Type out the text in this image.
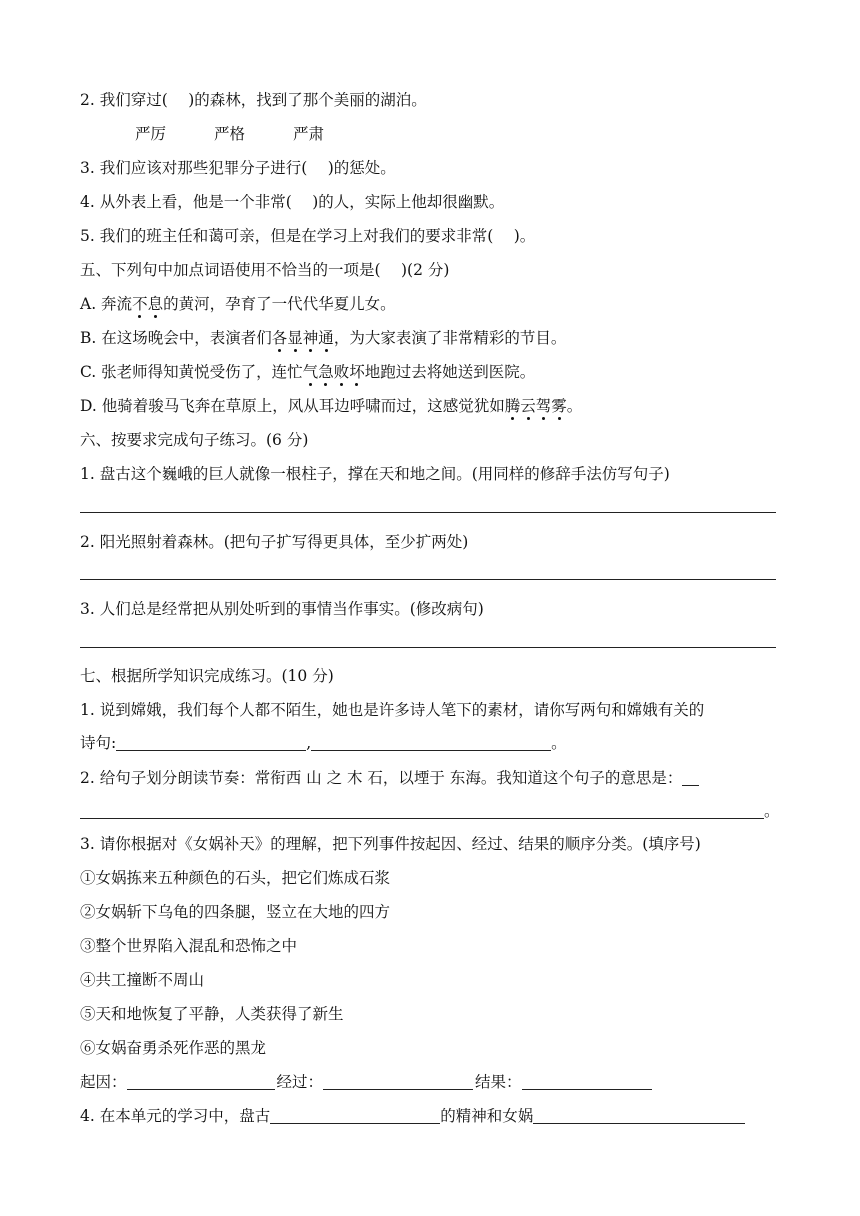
2. 我们穿过(　 )的森林，找到了那个美丽的湖泊。
严厉	严格	严肃
3. 我们应该对那些犯罪分子进行(　 )的惩处。
4. 从外表上看，他是一个非常(　 )的人，实际上他却很幽默。
5. 我们的班主任和蔼可亲，但是在学习上对我们的要求非常(　 )。
五、下列句中加点词语使用不恰当的一项是(　 )(2 分)
A. 奔流不息的黄河，孕育了一代代华夏儿女。
B. 在这场晚会中，表演者们各显神通，为大家表演了非常精彩的节目。
C. 张老师得知黄悦受伤了，连忙气急败坏地跑过去将她送到医院。
D. 他骑着骏马飞奔在草原上，风从耳边呼啸而过，这感觉犹如腾云驾雾。
六、按要求完成句子练习。(6 分)
1. 盘古这个巍峨的巨人就像一根柱子，撑在天和地之间。(用同样的修辞手法仿写句子)
2. 阳光照射着森林。(把句子扩写得更具体，至少扩两处)
3. 人们总是经常把从别处听到的事情当作事实。(修改病句)
七、根据所学知识完成练习。(10 分)
1. 说到嫦娥，我们每个人都不陌生，她也是许多诗人笔下的素材，请你写两句和嫦娥有关的
诗句:	,	。
2. 给句子划分朗读节奏：常衔西 山 之 木 石，以堙于 东海。我知道这个句子的意思是：
。
3. 请你根据对《女娲补天》的理解，把下列事件按起因、经过、结果的顺序分类。(填序号)
①女娲拣来五种颜色的石头，把它们炼成石浆
②女娲斩下乌龟的四条腿，竖立在大地的四方
③整个世界陷入混乱和恐怖之中
④共工撞断不周山
⑤天和地恢复了平静，人类获得了新生
⑥女娲奋勇杀死作恶的黑龙
起因：	经过：	结果：
4. 在本单元的学习中，盘古	的精神和女娲
